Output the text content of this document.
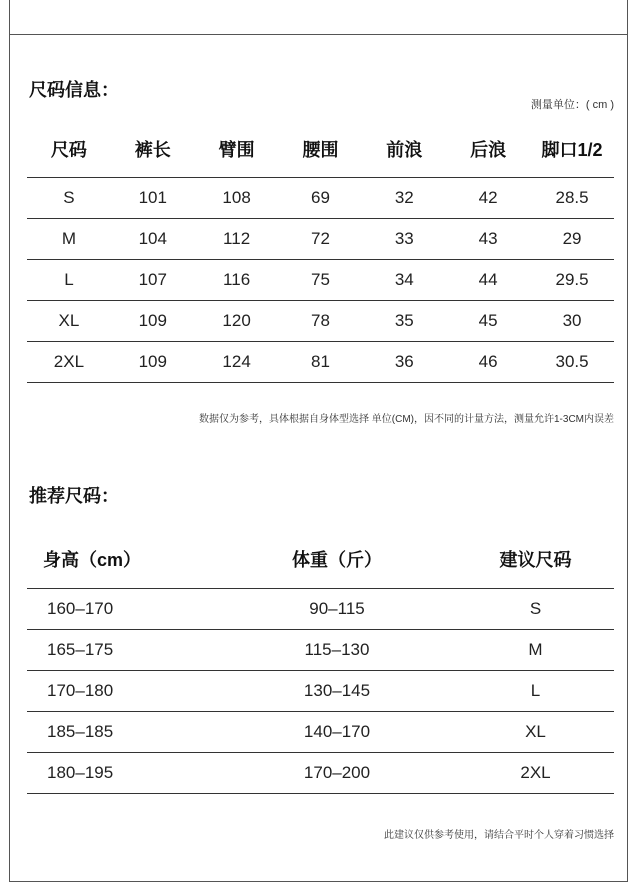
尺码信息：
测量单位：( cm )
尺码	裤长	臂围	腰围	前浪	后浪	脚口1/2
S	101	108	69	32	42	28.5
M	104	112	72	33	43	29
L	107	116	75	34	44	29.5
XL	109	120	78	35	45	30
2XL	109	124	81	36	46	30.5
数据仅为参考，具体根据自身体型选择 单位(CM)，因不同的计量方法，测量允许1-3CM内误差
推荐尺码：
身高（cm）	体重（斤）	建议尺码
160–170	90–115	S
165–175	115–130	M
170–180	130–145	L
185–185	140–170	XL
180–195	170–200	2XL
此建议仅供参考使用，请结合平时个人穿着习惯选择
